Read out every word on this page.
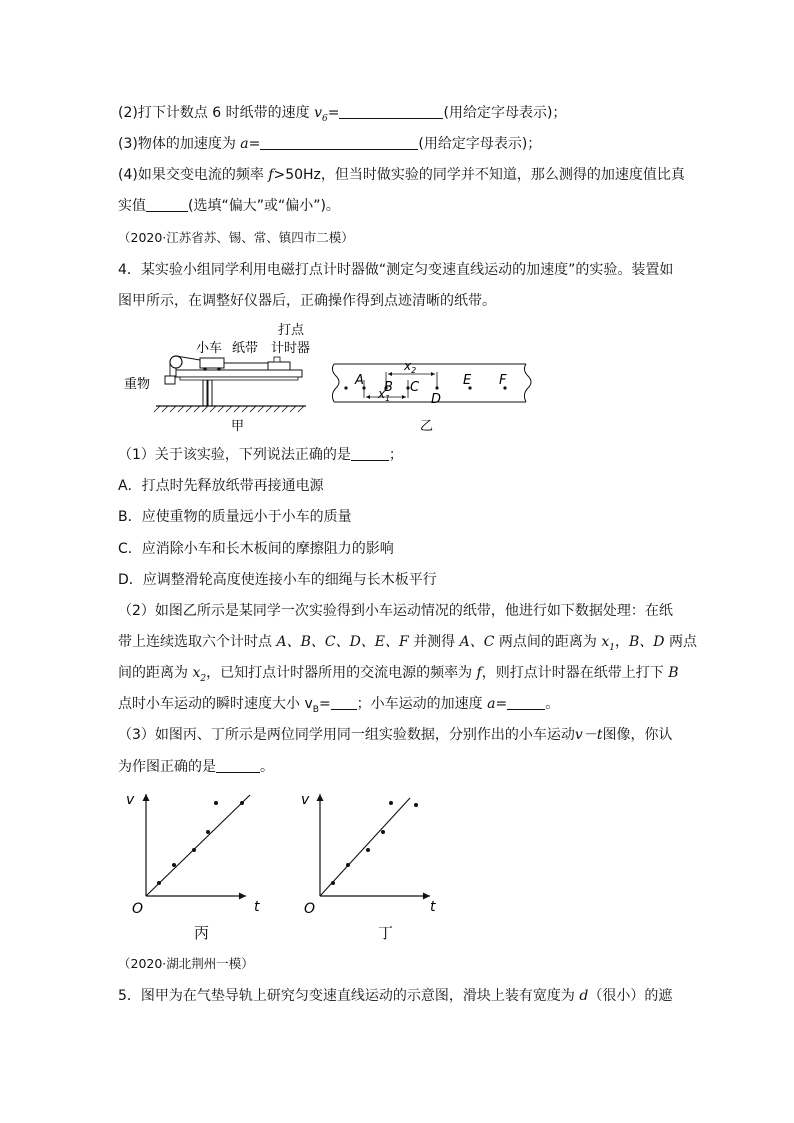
(2)打下计数点 6 时纸带的速度 $v_6=$	(用给定字母表示)；
(3)物体的加速度为 a=	(用给定字母表示)；
(4)如果交变电流的频率 f>50Hz，但当时做实验的同学并不知道，那么测得的加速度值比真
实值	(选填“偏大”或“偏小”)。
（2020·江苏省苏、锡、常、镇四市二模）
4．某实验小组同学利用电磁打点计时器做“测定匀变速直线运动的加速度”的实验。装置如
图甲所示，在调整好仪器后，正确操作得到点迹清晰的纸带。
重物
小车 纸带
打点
计时器
甲
A B C
D
E F
$x_2$
$x_1$
乙
（1）关于该实验，下列说法正确的是	；
A．打点时先释放纸带再接通电源
B．应使重物的质量远小于小车的质量
C．应消除小车和长木板间的摩擦阻力的影响
D．应调整滑轮高度使连接小车的细绳与长木板平行
（2）如图乙所示是某同学一次实验得到小车运动情况的纸带，他进行如下数据处理：在纸
带上连续选取六个计时点 A、B、C、D、E、F 并测得 A、C 两点间的距离为 $x_1$，B、D 两点
间的距离为 $x_2$，已知打点计时器所用的交流电源的频率为 f，则打点计时器在纸带上打下 B
点时小车运动的瞬时速度大小 $v_B=$ ；小车运动的加速度 a=	。
（3）如图丙、丁所示是两位同学用同一组实验数据，分别作出的小车运动v－t图像，你认
为作图正确的是	。
v
O	t
丙
v
O	t
丁
（2020·湖北荆州一模）
5．图甲为在气垫导轨上研究匀变速直线运动的示意图，滑块上装有宽度为 d（很小）的遮
